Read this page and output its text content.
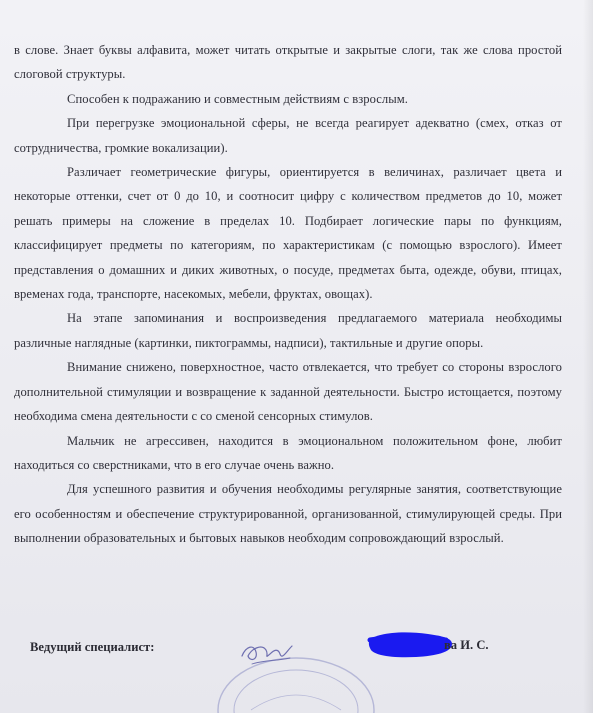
в слове. Знает буквы алфавита, может читать открытые и закрытые слоги, так же слова простой слоговой структуры.

Способен к подражанию и совместным действиям с взрослым.

При перегрузке эмоциональной сферы, не всегда реагирует адекватно (смех, отказ от сотрудничества, громкие вокализации).

Различает геометрические фигуры, ориентируется в величинах, различает цвета и некоторые оттенки, счет от 0 до 10, и соотносит цифру с количеством предметов до 10, может решать примеры на сложение в пределах 10. Подбирает логические пары по функциям, классифицирует предметы по категориям, по характеристикам (с помощью взрослого). Имеет представления о домашних и диких животных, о посуде, предметах быта, одежде, обуви, птицах, временах года, транспорте, насекомых, мебели, фруктах, овощах).

На этапе запоминания и воспроизведения предлагаемого материала необходимы различные наглядные (картинки, пиктограммы, надписи), тактильные и другие опоры.

Внимание снижено, поверхностное, часто отвлекается, что требует со стороны взрослого дополнительной стимуляции и возвращение к заданной деятельности. Быстро истощается, поэтому необходима смена деятельности с со сменой сенсорных стимулов.

Мальчик не агрессивен, находится в эмоциональном положительном фоне, любит находиться со сверстниками, что в его случае очень важно.

Для успешного развития и обучения необходимы регулярные занятия, соответствующие его особенностям и обеспечение структурированной, организованной, стимулирующей среды. При выполнении образовательных и бытовых навыков необходим сопровождающий взрослый.

Ведущий специалист:	ва И. С.
